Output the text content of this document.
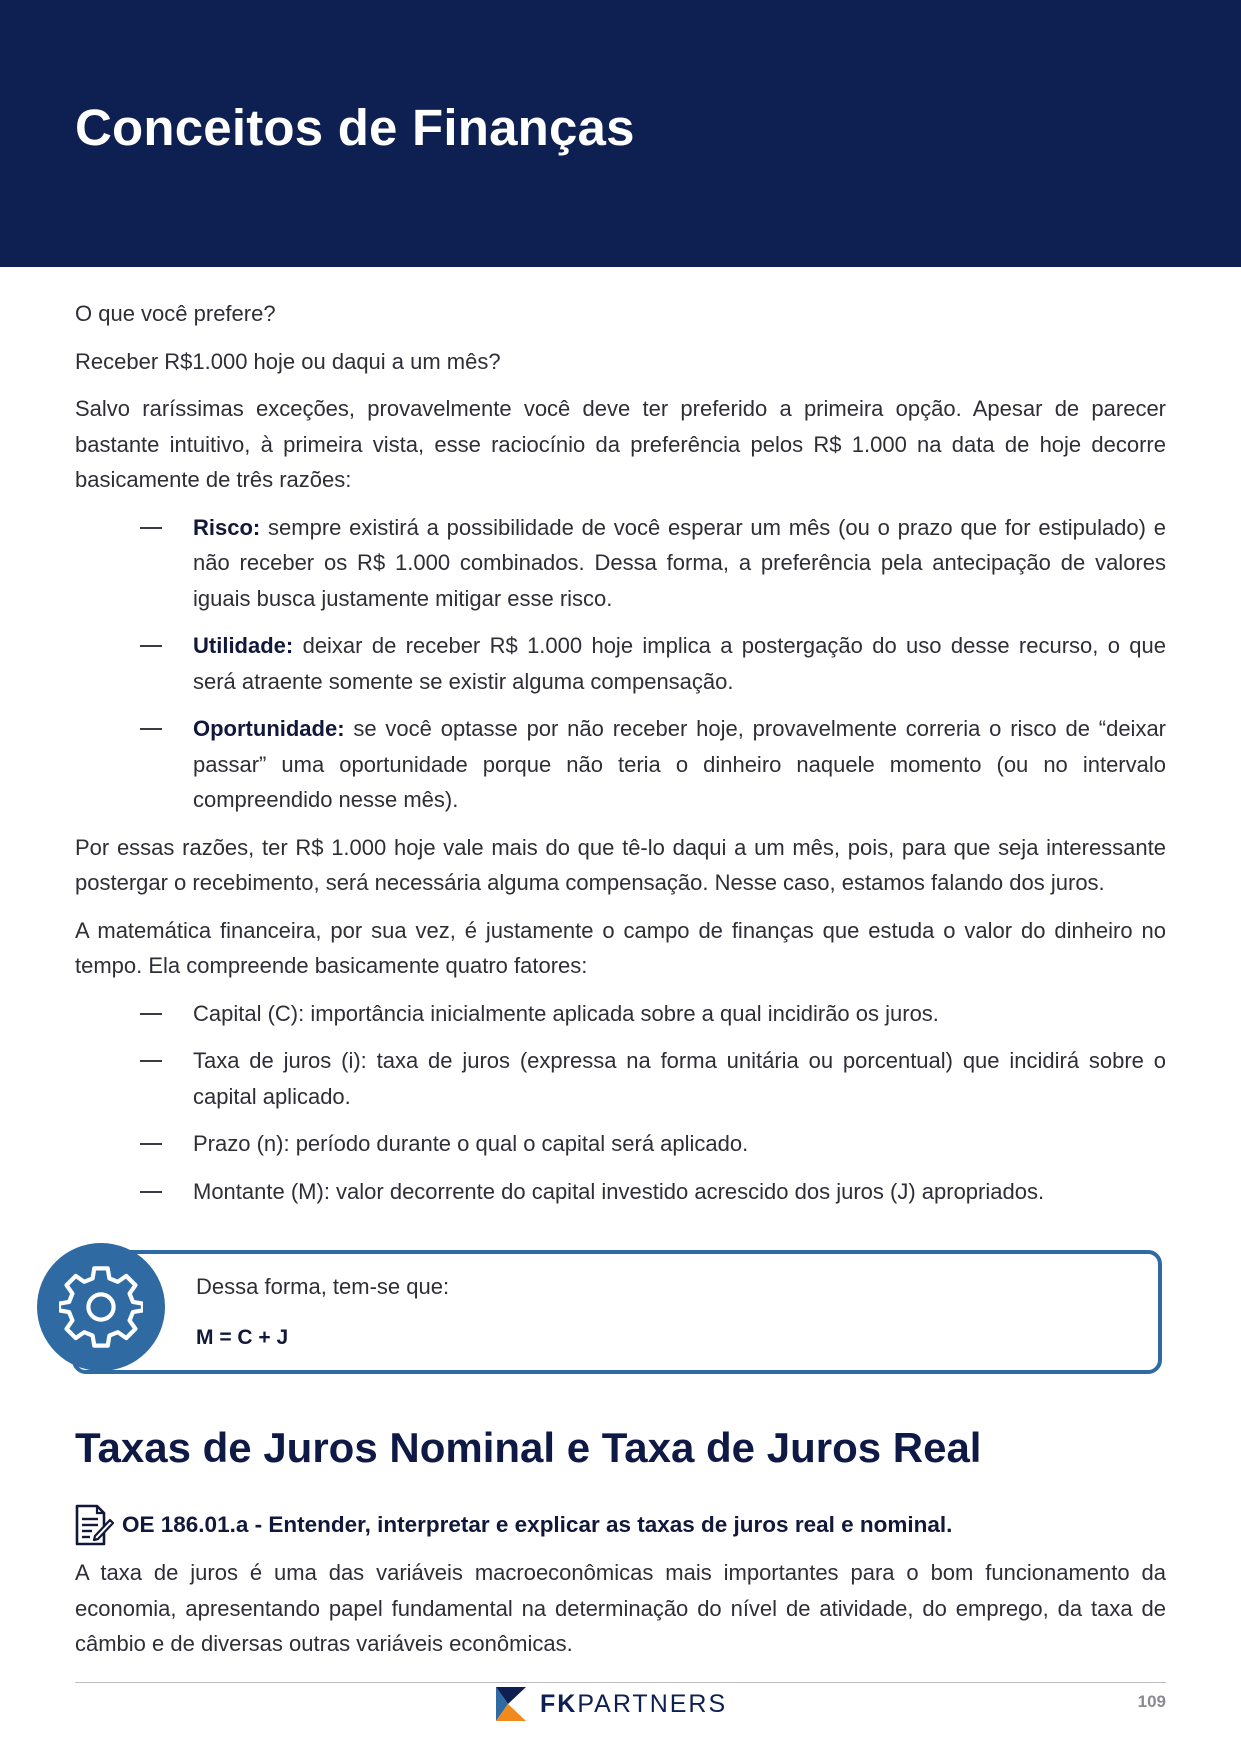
Conceitos de Finanças

O que você prefere?

Receber R$1.000 hoje ou daqui a um mês?

Salvo raríssimas exceções, provavelmente você deve ter preferido a primeira opção. Apesar de parecer bastante intuitivo, à primeira vista, esse raciocínio da preferência pelos R$ 1.000 na data de hoje decorre basicamente de três razões:

Risco: sempre existirá a possibilidade de você esperar um mês (ou o prazo que for estipulado) e não receber os R$ 1.000 combinados. Dessa forma, a preferência pela antecipação de valores iguais busca justamente mitigar esse risco.
Utilidade: deixar de receber R$ 1.000 hoje implica a postergação do uso desse recurso, o que será atraente somente se existir alguma compensação.
Oportunidade: se você optasse por não receber hoje, provavelmente correria o risco de “deixar passar” uma oportunidade porque não teria o dinheiro naquele momento (ou no intervalo compreendido nesse mês).

Por essas razões, ter R$ 1.000 hoje vale mais do que tê-lo daqui a um mês, pois, para que seja interessante postergar o recebimento, será necessária alguma compensação. Nesse caso, estamos falando dos juros.

A matemática financeira, por sua vez, é justamente o campo de finanças que estuda o valor do dinheiro no tempo. Ela compreende basicamente quatro fatores:

Capital (C): importância inicialmente aplicada sobre a qual incidirão os juros.
Taxa de juros (i): taxa de juros (expressa na forma unitária ou porcentual) que incidirá sobre o capital aplicado.
Prazo (n): período durante o qual o capital será aplicado.
Montante (M): valor decorrente do capital investido acrescido dos juros (J) apropriados.
Dessa forma, tem-se que:
M = C + J
Taxas de Juros Nominal e Taxa de Juros Real
OE 186.01.a - Entender, interpretar e explicar as taxas de juros real e nominal.

A taxa de juros é uma das variáveis macroeconômicas mais importantes para o bom funcionamento da economia, apresentando papel fundamental na determinação do nível de atividade, do emprego, da taxa de câmbio e de diversas outras variáveis econômicas.

FKPARTNERS	109
